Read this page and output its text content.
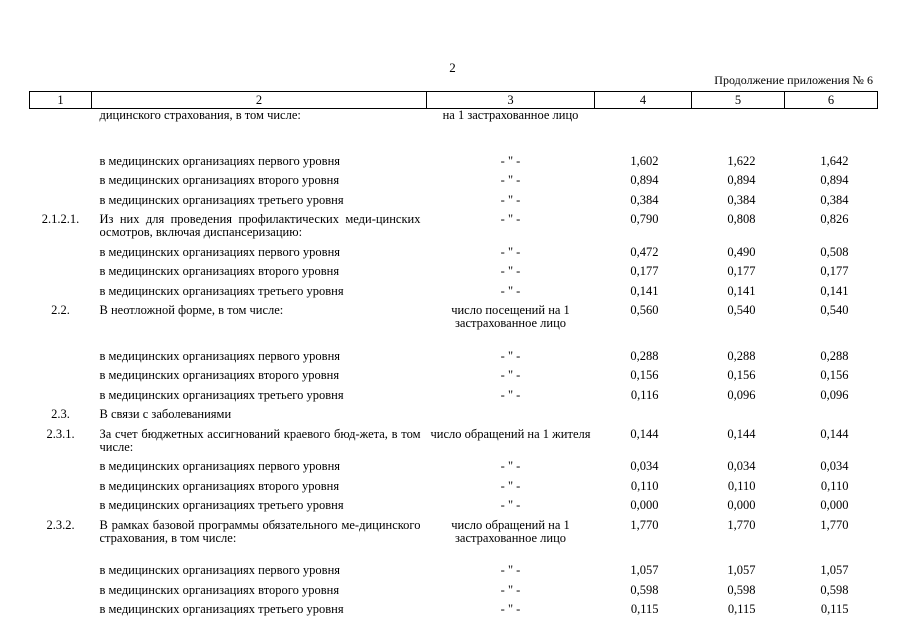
2
Продолжение приложения № 6
1	2	3	4	5	6
	дицинского страхования, в том числе:	на 1 застрахованное лицо			
	в медицинских организациях первого уровня	- " -	1,602	1,622	1,642
	в медицинских организациях второго уровня	- " -	0,894	0,894	0,894
	в медицинских организациях третьего уровня	- " -	0,384	0,384	0,384
2.1.2.1.	Из них для проведения профилактических меди-цинских осмотров, включая диспансеризацию:	- " -	0,790	0,808	0,826
	в медицинских организациях первого уровня	- " -	0,472	0,490	0,508
	в медицинских организациях второго уровня	- " -	0,177	0,177	0,177
	в медицинских организациях третьего уровня	- " -	0,141	0,141	0,141
2.2.	В неотложной форме, в том числе:	число посещений на 1 застрахованное лицо	0,560	0,540	0,540
	в медицинских организациях первого уровня	- " -	0,288	0,288	0,288
	в медицинских организациях второго уровня	- " -	0,156	0,156	0,156
	в медицинских организациях третьего уровня	- " -	0,116	0,096	0,096
2.3.	В связи с заболеваниями				
2.3.1.	За счет бюджетных ассигнований краевого бюд-жета, в том числе:	число обращений на 1 жителя	0,144	0,144	0,144
	в медицинских организациях первого уровня	- " -	0,034	0,034	0,034
	в медицинских организациях второго уровня	- " -	0,110	0,110	0,110
	в медицинских организациях третьего уровня	- " -	0,000	0,000	0,000
2.3.2.	В рамках базовой программы обязательного ме-дицинского страхования, в том числе:	число обращений на 1 застрахованное лицо	1,770	1,770	1,770
	в медицинских организациях первого уровня	- " -	1,057	1,057	1,057
	в медицинских организациях второго уровня	- " -	0,598	0,598	0,598
	в медицинских организациях третьего уровня	- " -	0,115	0,115	0,115
